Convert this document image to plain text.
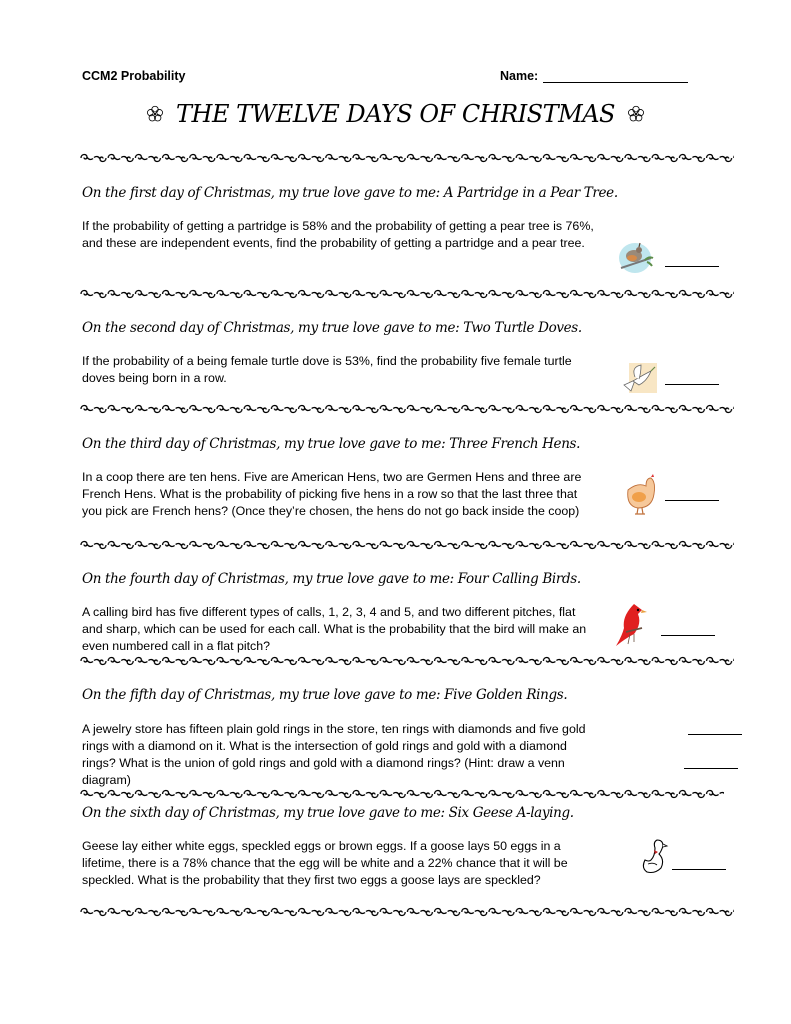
CCM2 Probability	Name:
THE TWELVE DAYS OF CHRISTMAS
On the first day of Christmas, my true love gave to me: A Partridge in a Pear Tree.
If the probability of getting a partridge is 58% and the probability of getting a pear tree is 76%,
and these are independent events, find the probability of getting a partridge and a pear tree.
On the second day of Christmas, my true love gave to me: Two Turtle Doves.
If the probability of a being female turtle dove is 53%, find the probability five female turtle
doves being born in a row.
On the third day of Christmas, my true love gave to me: Three French Hens.
In a coop there are ten hens. Five are American Hens, two are Germen Hens and three are
French Hens. What is the probability of picking five hens in a row so that the last three that
you pick are French hens? (Once they’re chosen, the hens do not go back inside the coop)
On the fourth day of Christmas, my true love gave to me: Four Calling Birds.
A calling bird has five different types of calls, 1, 2, 3, 4 and 5, and two different pitches, flat
and sharp, which can be used for each call. What is the probability that the bird will make an
even numbered call in a flat pitch?
On the fifth day of Christmas, my true love gave to me: Five Golden Rings.
A jewelry store has fifteen plain gold rings in the store, ten rings with diamonds and five gold
rings with a diamond on it. What is the intersection of gold rings and gold with a diamond
rings? What is the union of gold rings and gold with a diamond rings? (Hint: draw a venn
diagram)
On the sixth day of Christmas, my true love gave to me: Six Geese A-laying.
Geese lay either white eggs, speckled eggs or brown eggs. If a goose lays 50 eggs in a
lifetime, there is a 78% chance that the egg will be white and a 22% chance that it will be
speckled. What is the probability that they first two eggs a goose lays are speckled?
